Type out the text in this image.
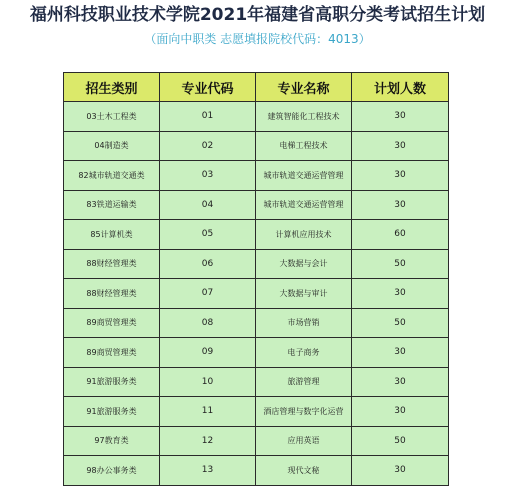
福州科技职业技术学院2021年福建省高职分类考试招生计划
（面向中职类 志愿填报院校代码：4013）
招生类别	专业代码	专业名称	计划人数
03土木工程类	01	建筑智能化工程技术	30
04制造类	02	电梯工程技术	30
82城市轨道交通类	03	城市轨道交通运营管理	30
83铁道运输类	04	城市轨道交通运营管理	30
85计算机类	05	计算机应用技术	60
88财经管理类	06	大数据与会计	50
88财经管理类	07	大数据与审计	30
89商贸管理类	08	市场营销	50
89商贸管理类	09	电子商务	30
91旅游服务类	10	旅游管理	30
91旅游服务类	11	酒店管理与数字化运营	30
97教育类	12	应用英语	50
98办公事务类	13	现代文秘	30
